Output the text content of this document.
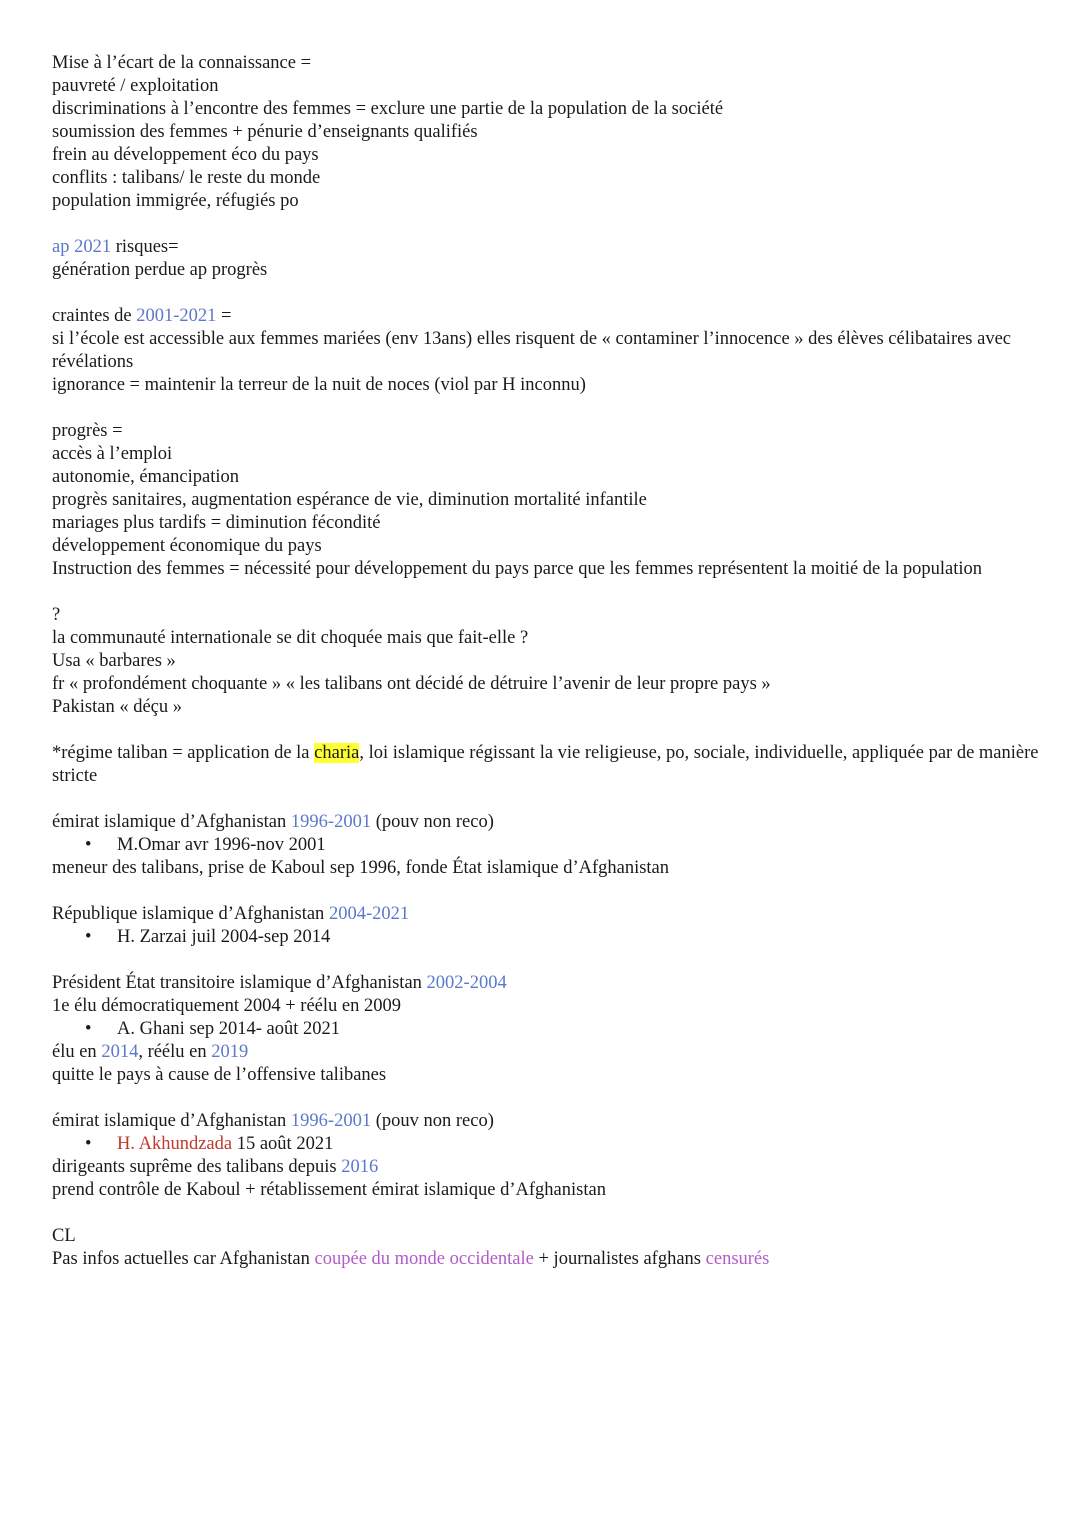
Mise à l’écart de la connaissance =
pauvreté / exploitation
discriminations à l’encontre des femmes = exclure une partie de la population de la société
soumission des femmes + pénurie d’enseignants qualifiés
frein au développement éco du pays
conflits : talibans/ le reste du monde
population immigrée, réfugiés po
ap 2021 risques=
génération perdue ap progrès
craintes de 2001-2021 =
si l’école est accessible aux femmes mariées (env 13ans) elles risquent de « contaminer l’innocence » des élèves célibataires avec révélations
ignorance = maintenir la terreur de la nuit de noces (viol par H inconnu)
progrès =
accès à l’emploi
autonomie, émancipation
progrès sanitaires, augmentation espérance de vie, diminution mortalité infantile
mariages plus tardifs = diminution fécondité
développement économique du pays
Instruction des femmes = nécessité pour développement du pays parce que les femmes représentent la moitié de la population
?
la communauté internationale se dit choquée mais que fait-elle ?
Usa « barbares »
fr « profondément choquante » « les talibans ont décidé de détruire l’avenir de leur propre pays »
Pakistan « déçu »
*régime taliban = application de la charia, loi islamique régissant la vie religieuse, po, sociale, individuelle, appliquée par de manière stricte
émirat islamique d’Afghanistan 1996-2001 (pouv non reco)
• M.Omar avr 1996-nov 2001
meneur des talibans, prise de Kaboul sep 1996, fonde État islamique d’Afghanistan
République islamique d’Afghanistan 2004-2021
• H. Zarzai juil 2004-sep 2014
Président État transitoire islamique d’Afghanistan 2002-2004
1e élu démocratiquement 2004 + réélu en 2009
• A. Ghani sep 2014- août 2021
élu en 2014, réélu en 2019
quitte le pays à cause de l’offensive talibanes
émirat islamique d’Afghanistan 1996-2001 (pouv non reco)
• H. Akhundzada 15 août 2021
dirigeants suprême des talibans depuis 2016
prend contrôle de Kaboul + rétablissement émirat islamique d’Afghanistan
CL
Pas infos actuelles car Afghanistan coupée du monde occidentale + journalistes afghans censurés
